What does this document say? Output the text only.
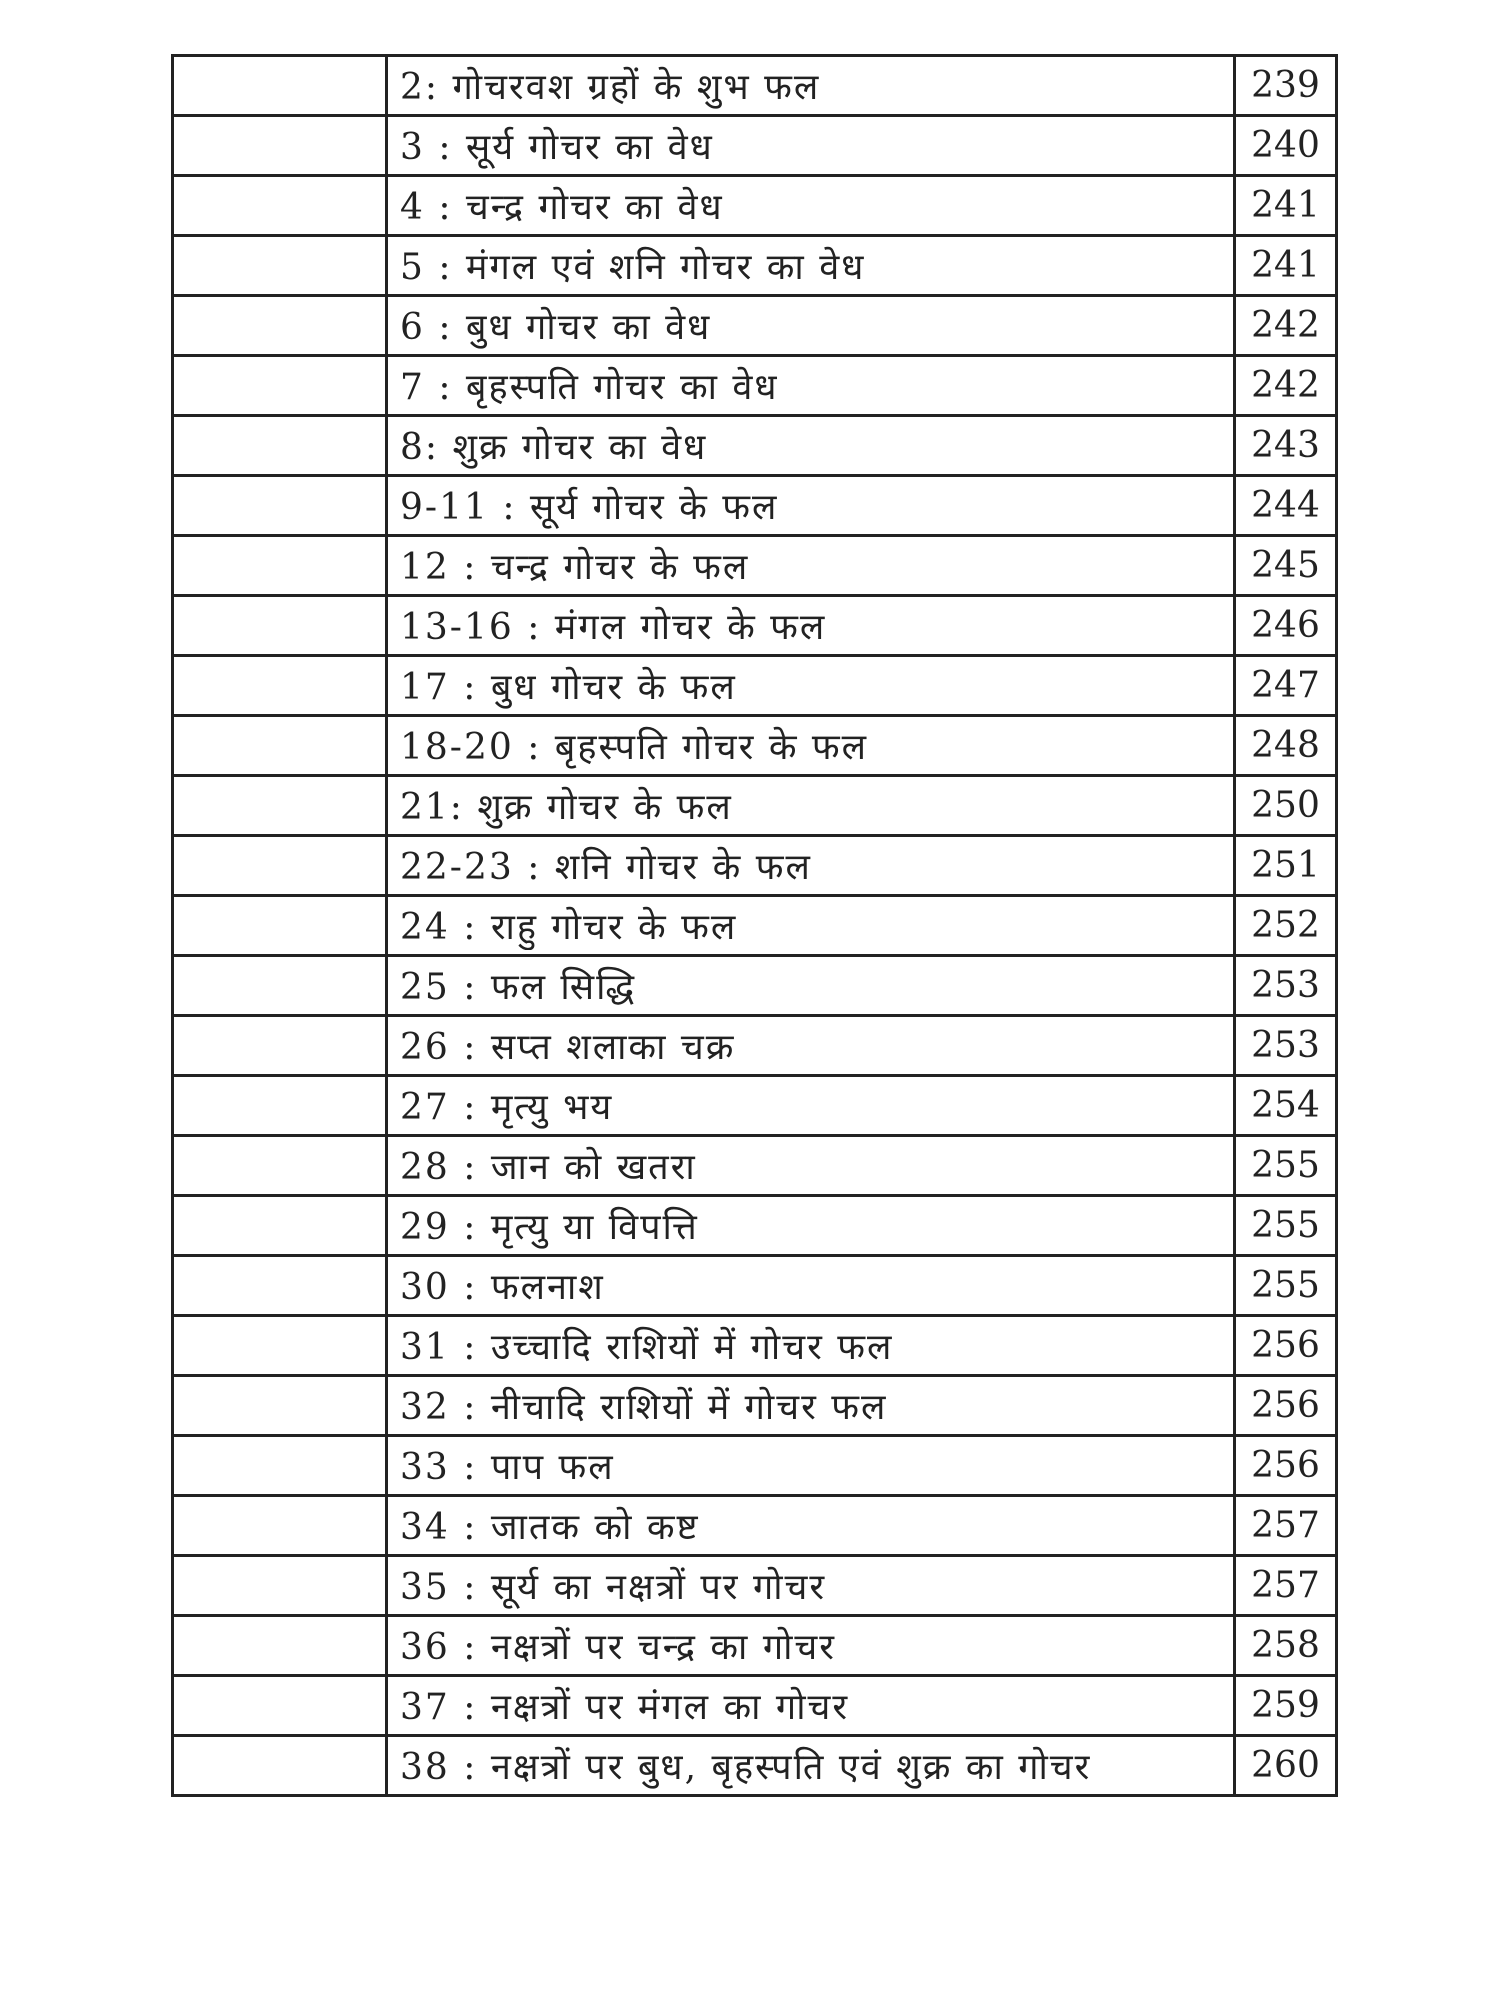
	2: गोचरवश ग्रहों के शुभ फल	239

	3 : सूर्य गोचर का वेध	240

	4 : चन्द्र गोचर का वेध	241

	5 : मंगल एवं शनि गोचर का वेध	241

	6 : बुध गोचर का वेध	242

	7 : बृहस्पति गोचर का वेध	242

	8: शुक्र गोचर का वेध	243

	9-11 : सूर्य गोचर के फल	244

	12 : चन्द्र गोचर के फल	245

	13-16 : मंगल गोचर के फल	246

	17 : बुध गोचर के फल	247

	18-20 : बृहस्पति गोचर के फल	248

	21: शुक्र गोचर के फल	250

	22-23 : शनि गोचर के फल	251

	24 : राहु गोचर के फल	252

	25 : फल सिद्धि	253

	26 : सप्त शलाका चक्र	253

	27 : मृत्यु भय	254

	28 : जान को खतरा	255

	29 : मृत्यु या विपत्ति	255

	30 : फलनाश	255

	31 : उच्चादि राशियों में गोचर फल	256

	32 : नीचादि राशियों में गोचर फल	256

	33 : पाप फल	256

	34 : जातक को कष्ट	257

	35 : सूर्य का नक्षत्रों पर गोचर	257

	36 : नक्षत्रों पर चन्द्र का गोचर	258

	37 : नक्षत्रों पर मंगल का गोचर	259

	38 : नक्षत्रों पर बुध, बृहस्पति एवं शुक्र का गोचर	260
